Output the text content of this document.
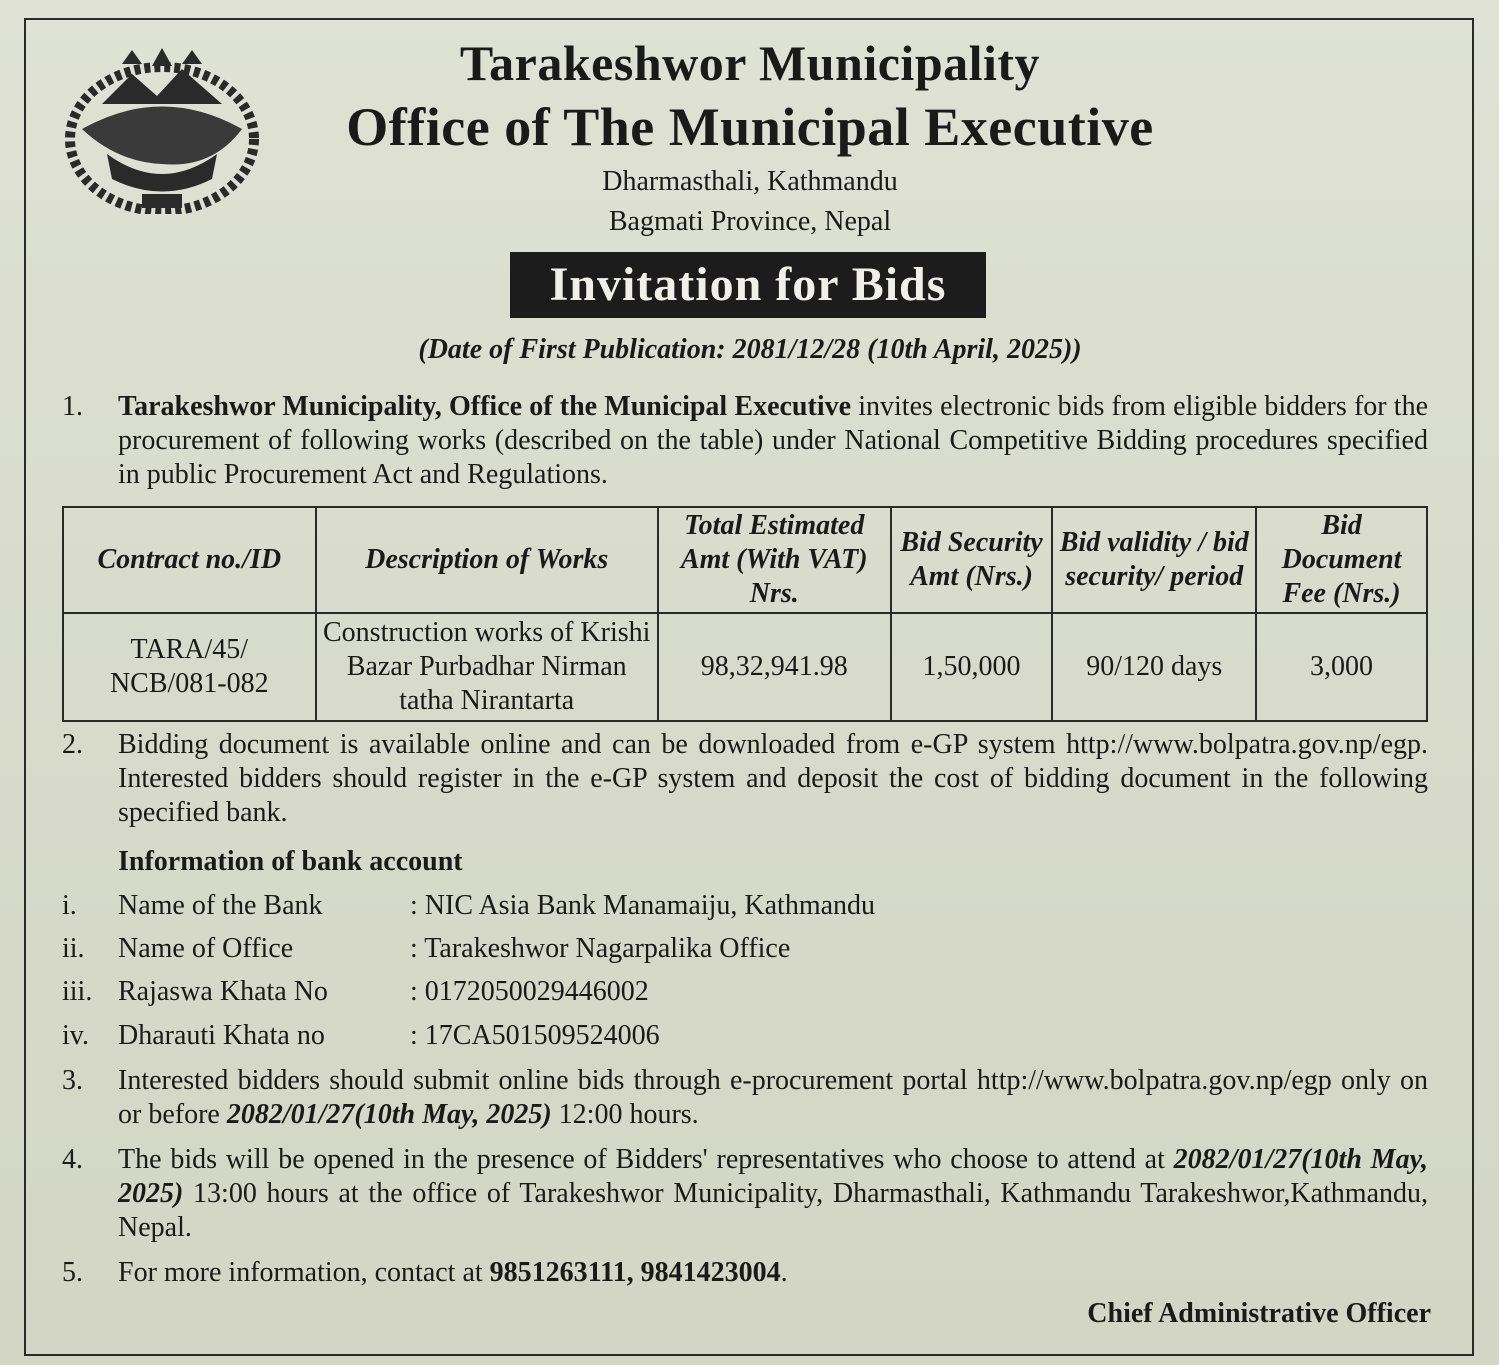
Tarakeshwor Municipality
Office of The Municipal Executive
Dharmasthali, Kathmandu
Bagmati Province, Nepal
Invitation for Bids
(Date of First Publication: 2081/12/28 (10th April, 2025))
1. Tarakeshwor Municipality, Office of the Municipal Executive invites electronic bids from eligible bidders for the procurement of following works (described on the table) under National Competitive Bidding procedures specified in public Procurement Act and Regulations.
Contract no./ID	Description of Works	Total Estimated Amt (With VAT) Nrs.	Bid Security Amt (Nrs.)	Bid validity / bid security/ period	Bid Document Fee (Nrs.)
TARA/45/ NCB/081-082	Construction works of Krishi Bazar Purbadhar Nirman tatha Nirantarta	98,32,941.98	1,50,000	90/120 days	3,000
2. Bidding document is available online and can be downloaded from e-GP system http://www.bolpatra.gov.np/egp. Interested bidders should register in the e-GP system and deposit the cost of bidding document in the following specified bank.
Information of bank account
i.	Name of the Bank	: NIC Asia Bank Manamaiju, Kathmandu
ii.	Name of Office	: Tarakeshwor Nagarpalika Office
iii. Rajaswa Khata No	: 0172050029446002
iv.	Dharauti Khata no	: 17CA501509524006
3. Interested bidders should submit online bids through e-procurement portal http://www.bolpatra.gov.np/egp only on or before 2082/01/27(10th May, 2025) 12:00 hours.
4. The bids will be opened in the presence of Bidders' representatives who choose to attend at 2082/01/27(10th May, 2025) 13:00 hours at the office of Tarakeshwor Municipality, Dharmasthali, Kathmandu Tarakeshwor,Kathmandu, Nepal.
5. For more information, contact at 9851263111, 9841423004.
Chief Administrative Officer
